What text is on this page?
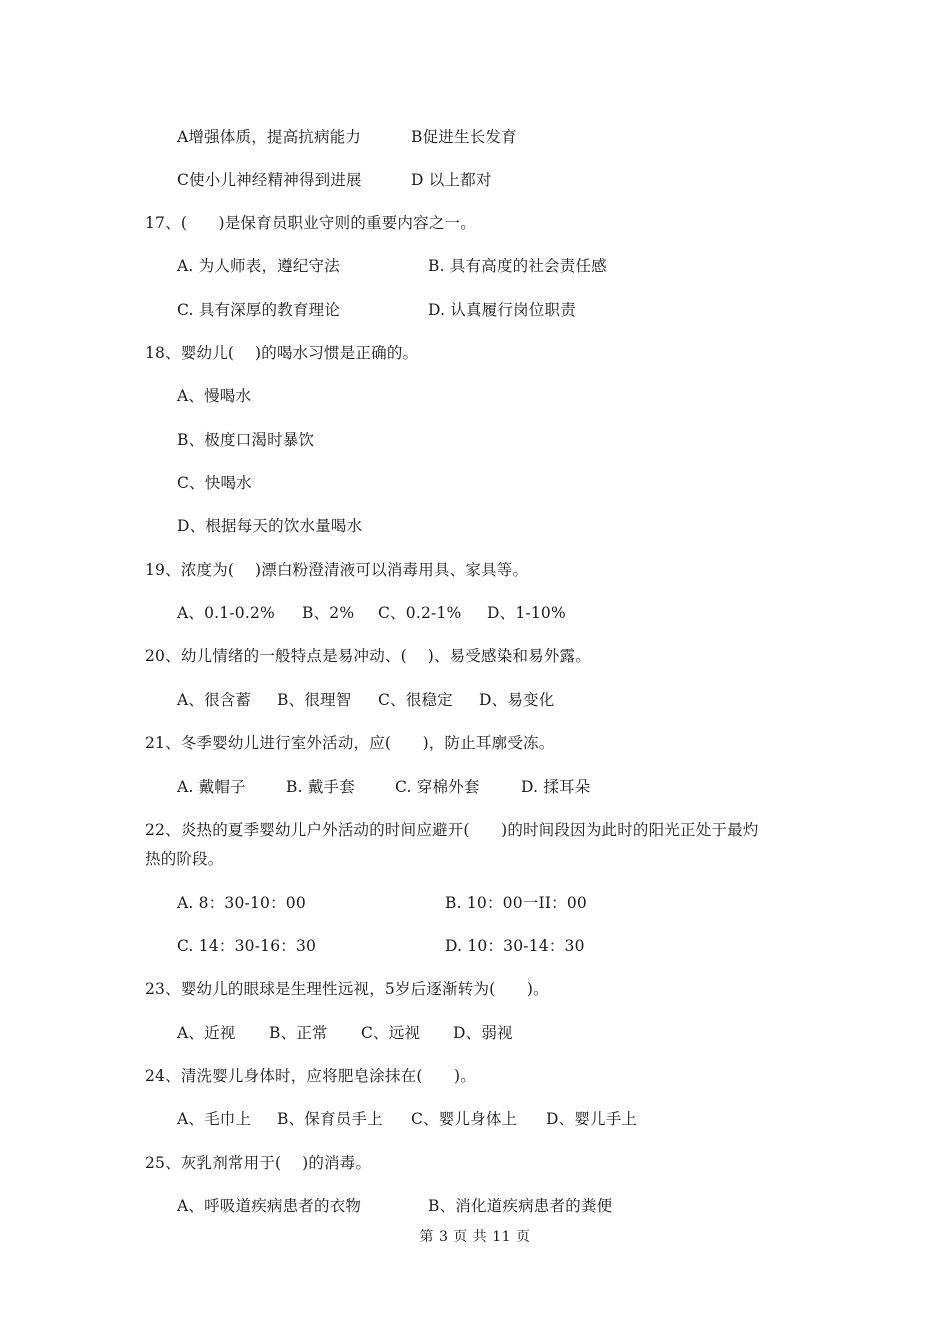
A增强体质，提高抗病能力	B促进生长发育
C使小儿神经精神得到进展	D 以上都对
17、(　　)是保育员职业守则的重要内容之一。
A. 为人师表，遵纪守法	B. 具有高度的社会责任感
C. 具有深厚的教育理论	D. 认真履行岗位职责
18、婴幼儿(　 )的喝水习惯是正确的。
A、慢喝水
B、极度口渴时暴饮
C、快喝水
D、根据每天的饮水量喝水
19、浓度为(　 )漂白粉澄清液可以消毒用具、家具等。
A、0.1-0.2% B、2% C、0.2-1% D、1-10%
20、幼儿情绪的一般特点是易冲动、(　 )、易受感染和易外露。
A、很含蓄 B、很理智 C、很稳定 D、易变化
21、冬季婴幼儿进行室外活动，应(　　)，防止耳廓受冻。
A. 戴帽子	B. 戴手套	C. 穿棉外套	D. 揉耳朵
22、炎热的夏季婴幼儿户外活动的时间应避开(　　)的时间段因为此时的阳光正处于最灼
热的阶段。
A. 8：30-10：00	B. 10：00一II：00
C. 14：30-16：30	D. 10：30-14：30
23、婴幼儿的眼球是生理性远视，5岁后逐渐转为(　　)。
A、近视 B、正常 C、远视 D、弱视
24、清洗婴儿身体时，应将肥皂涂抹在(　　)。
A、毛巾上 B、保育员手上 C、婴儿身体上 D、婴儿手上
25、灰乳剂常用于(　 )的消毒。
A、呼吸道疾病患者的衣物	B、消化道疾病患者的粪便
第 3 页 共 11 页
